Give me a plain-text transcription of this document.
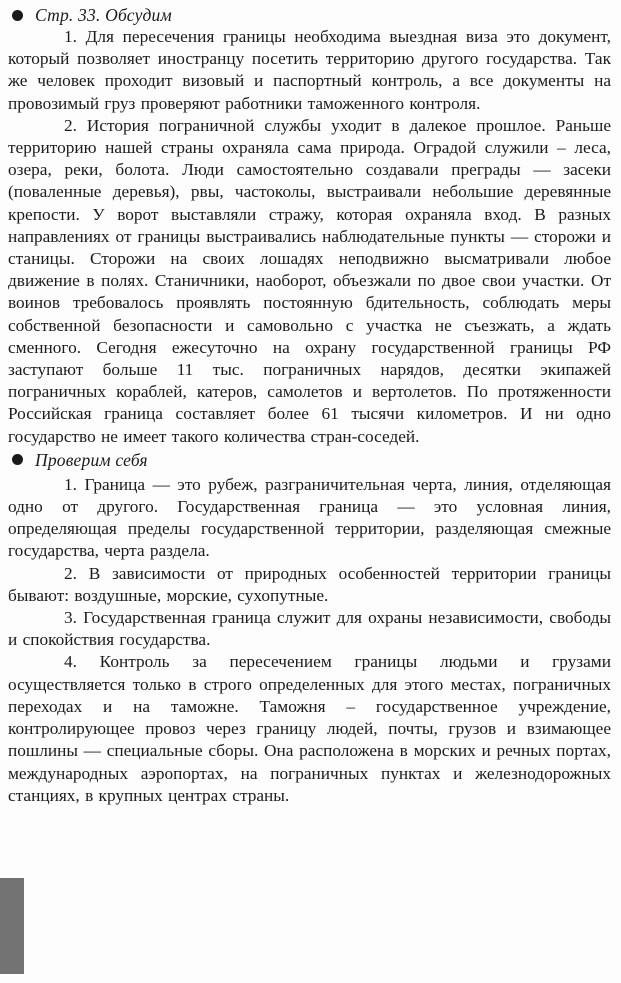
Стр. 33. Обсудим

1. Для пересечения границы необходима выездная виза это документ, который позволяет иностранцу посетить территорию другого государства. Так же человек проходит визовый и паспортный контроль, а все документы на провозимый груз проверяют работники таможенного контроля.

2. История пограничной службы уходит в далекое прошлое. Раньше территорию нашей страны охраняла сама природа. Оградой служили – леса, озера, реки, болота. Люди самостоятельно создавали преграды — засеки (поваленные деревья), рвы, частоколы, выстраивали небольшие деревянные крепости. У ворот выставляли стражу, которая охраняла вход. В разных направлениях от границы выстраивались наблюдательные пункты — сторожи и станицы. Сторожи на своих лошадях неподвижно высматривали любое движение в полях. Станичники, наоборот, объезжали по двое свои участки. От воинов требовалось проявлять постоянную бдительность, соблюдать меры собственной безопасности и самовольно с участка не съезжать, а ждать сменного. Сегодня ежесуточно на охрану государственной границы РФ заступают больше 11 тыс. пограничных нарядов, десятки экипажей пограничных кораблей, катеров, самолетов и вертолетов. По протяженности Российская граница составляет более 61 тысячи километров. И ни одно государство не имеет такого количества стран-соседей.

Проверим себя

1. Граница — это рубеж, разграничительная черта, линия, отделяющая одно от другого. Государственная граница — это условная линия, определяющая пределы государственной территории, разделяющая смежные государства, черта раздела.

2. В зависимости от природных особенностей территории границы бывают: воздушные, морские, сухопутные.

3. Государственная граница служит для охраны независимости, свободы и спокойствия государства.

4. Контроль за пересечением границы людьми и грузами осуществляется только в строго определенных для этого местах, пограничных переходах и на таможне. Таможня – государственное учреждение, контролирующее провоз через границу людей, почты, грузов и взимающее пошлины — специальные сборы. Она расположена в морских и речных портах, международных аэропортах, на пограничных пунктах и железнодорожных станциях, в крупных центрах страны.
